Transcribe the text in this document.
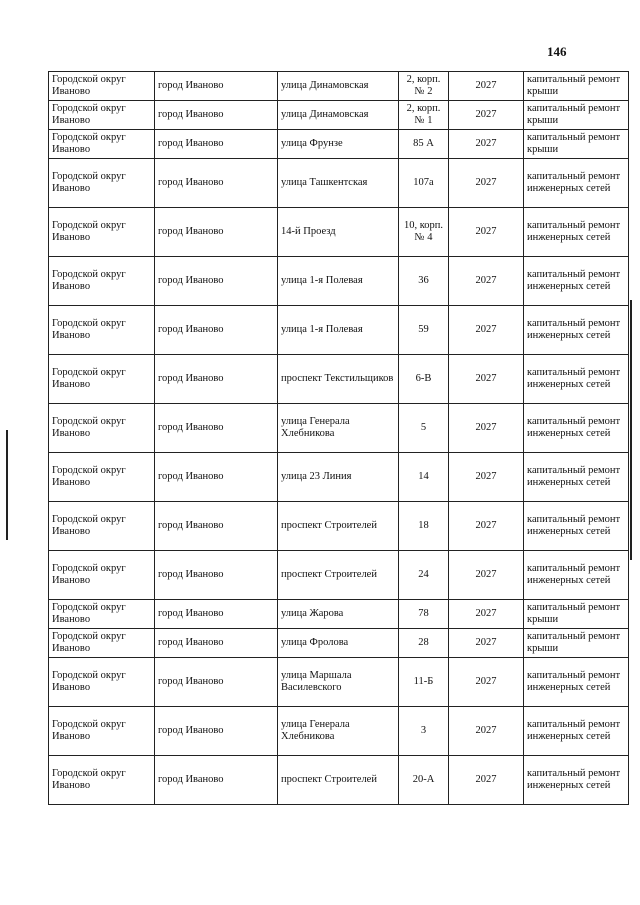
146
Городской округ Иваново	город Иваново	улица Динамовская	2, корп. № 2	2027	капитальный ремонт крыши
Городской округ Иваново	город Иваново	улица Динамовская	2, корп. № 1	2027	капитальный ремонт крыши
Городской округ Иваново	город Иваново	улица Фрунзе	85 А	2027	капитальный ремонт крыши
Городской округ Иваново	город Иваново	улица Ташкентская	107а	2027	капитальный ремонт инженерных сетей
Городской округ Иваново	город Иваново	14-й Проезд	10, корп. № 4	2027	капитальный ремонт инженерных сетей
Городской округ Иваново	город Иваново	улица 1-я Полевая	36	2027	капитальный ремонт инженерных сетей
Городской округ Иваново	город Иваново	улица 1-я Полевая	59	2027	капитальный ремонт инженерных сетей
Городской округ Иваново	город Иваново	проспект Текстильщиков	6-В	2027	капитальный ремонт инженерных сетей
Городской округ Иваново	город Иваново	улица Генерала Хлебникова	5	2027	капитальный ремонт инженерных сетей
Городской округ Иваново	город Иваново	улица 23 Линия	14	2027	капитальный ремонт инженерных сетей
Городской округ Иваново	город Иваново	проспект Строителей	18	2027	капитальный ремонт инженерных сетей
Городской округ Иваново	город Иваново	проспект Строителей	24	2027	капитальный ремонт инженерных сетей
Городской округ Иваново	город Иваново	улица Жарова	78	2027	капитальный ремонт крыши
Городской округ Иваново	город Иваново	улица Фролова	28	2027	капитальный ремонт крыши
Городской округ Иваново	город Иваново	улица Маршала Василевского	11-Б	2027	капитальный ремонт инженерных сетей
Городской округ Иваново	город Иваново	улица Генерала Хлебникова	3	2027	капитальный ремонт инженерных сетей
Городской округ Иваново	город Иваново	проспект Строителей	20-А	2027	капитальный ремонт инженерных сетей
